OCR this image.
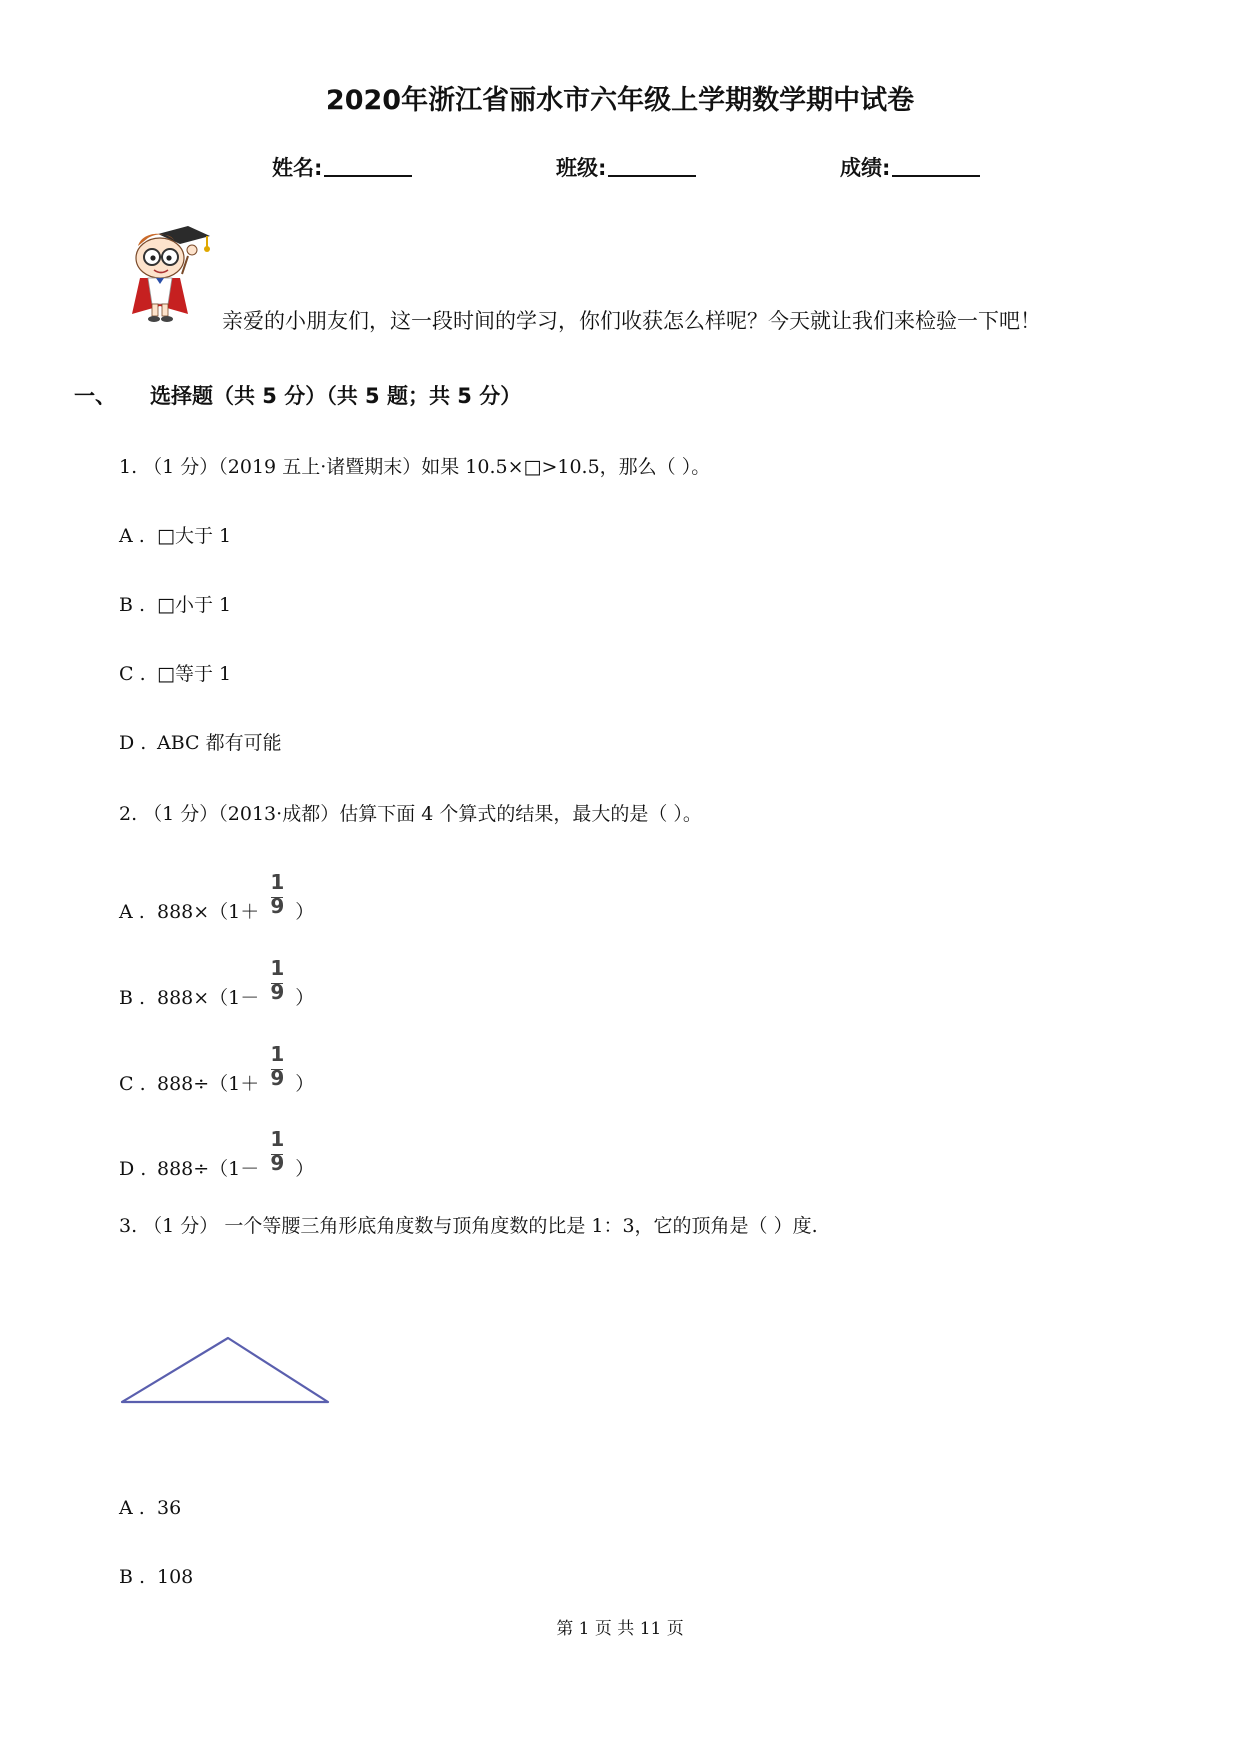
2020年浙江省丽水市六年级上学期数学期中试卷
姓名:	班级:	成绩:
亲爱的小朋友们，这一段时间的学习，你们收获怎么样呢？今天就让我们来检验一下吧！
一、 选择题（共 5 分）（共 5 题；共 5 分）
1. （1 分）（2019 五上·诸暨期末）如果 10.5×□>10.5，那么（ ）。
A . □大于 1
B . □小于 1
C . □等于 1
D . ABC 都有可能
2. （1 分）（2013·成都）估算下面 4 个算式的结果，最大的是（ ）。
A . $888\times(1+ \frac{1}{9}$ ）
B . $888\times(1- \frac{1}{9}$ ）
C . $888\div(1+ \frac{1}{9}$ ）
D . $888\div(1- \frac{1}{9}$ ）
3. （1 分） 一个等腰三角形底角度数与顶角度数的比是 1：3，它的顶角是（ ）度.
A . 36
B . 108
第 1 页 共 11 页
